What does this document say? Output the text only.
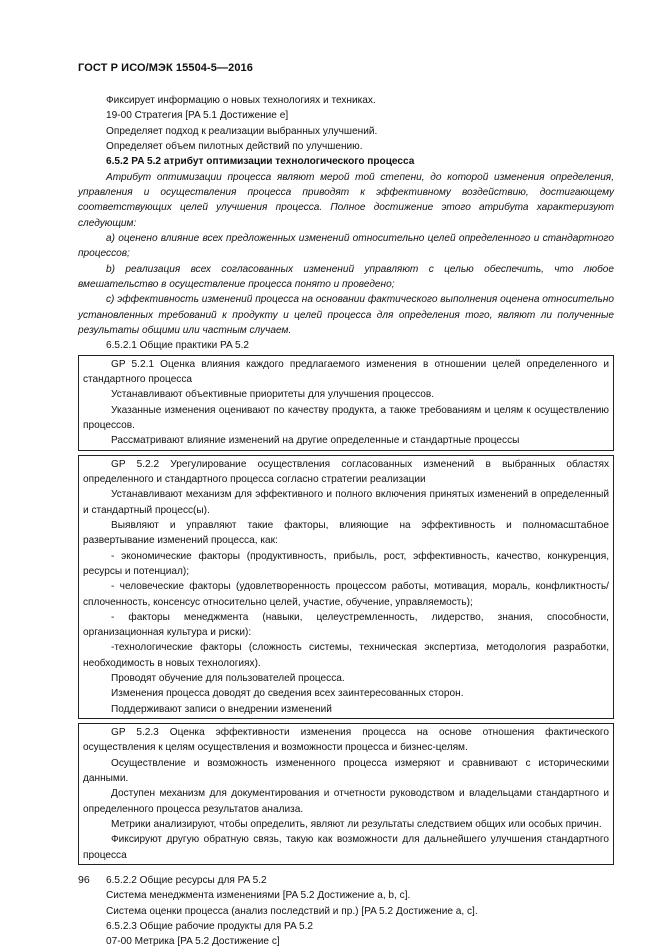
ГОСТ Р ИСО/МЭК 15504-5—2016
Фиксирует информацию о новых технологиях и техниках.
19-00 Стратегия [PA 5.1 Достижение e]
Определяет подход к реализации выбранных улучшений.
Определяет объем пилотных действий по улучшению.
6.5.2 PA 5.2 атрибут оптимизации технологического процесса

Атрибут оптимизации процесса являют мерой той степени, до которой изменения определения, управления и осуществления процесса приводят к эффективному воздействию, достигающему соответствующих целей улучшения процесса. Полное достижение этого атрибута характеризуют следующим:

а) оценено влияние всех предложенных изменений относительно целей определенного и стандартного процессов;

b) реализация всех согласованных изменений управляют с целью обеспечить, что любое вмешательство в осуществление процесса понято и проведено;

c) эффективность изменений процесса на основании фактического выполнения оценена относительно установленных требований к продукту и целей процесса для определения того, являют ли полученные результаты общими или частным случаем.

6.5.2.1 Общие практики PA 5.2

GP 5.2.1 Оценка влияния каждого предлагаемого изменения в отношении целей определенного и стандартного процесса

Устанавливают объективные приоритеты для улучшения процессов.

Указанные изменения оценивают по качеству продукта, а также требованиям и целям к осуществлению процессов.

Рассматривают влияние изменений на другие определенные и стандартные процессы

GP 5.2.2 Урегулирование осуществления согласованных изменений в выбранных областях определенного и стандартного процесса согласно стратегии реализации

Устанавливают механизм для эффективного и полного включения принятых изменений в определенный и стандартный процесс(ы).

Выявляют и управляют такие факторы, влияющие на эффективность и полномасштабное развертывание изменений процесса, как:

- экономические факторы (продуктивность, прибыль, рост, эффективность, качество, конкуренция, ресурсы и потенциал);

- человеческие факторы (удовлетворенность процессом работы, мотивация, мораль, конфликтность/сплоченность, консенсус относительно целей, участие, обучение, управляемость);

- факторы менеджмента (навыки, целеустремленность, лидерство, знания, способности, организационная культура и риски):

-технологические факторы (сложность системы, техническая экспертиза, методология разработки, необходимость в новых технологиях).

Проводят обучение для пользователей процесса.

Изменения процесса доводят до сведения всех заинтересованных сторон.

Поддерживают записи о внедрении изменений

GP 5.2.3 Оценка эффективности изменения процесса на основе отношения фактического осуществления к целям осуществления и возможности процесса и бизнес-целям.

Осуществление и возможность измененного процесса измеряют и сравнивают с историческими данными.

Доступен механизм для документирования и отчетности руководством и владельцами стандартного и определенного процесса результатов анализа.

Метрики анализируют, чтобы определить, являют ли результаты следствием общих или особых причин.

Фиксируют другую обратную связь, такую как возможности для дальнейшего улучшения стандартного процесса

6.5.2.2 Общие ресурсы для PA 5.2
Система менеджмента изменениями [PA 5.2 Достижение a, b, c].
Система оценки процесса (анализ последствий и пр.) [PA 5.2 Достижение a, c].
6.5.2.3 Общие рабочие продукты для PA 5.2
07-00 Метрика [PA 5.2 Достижение c]
96
